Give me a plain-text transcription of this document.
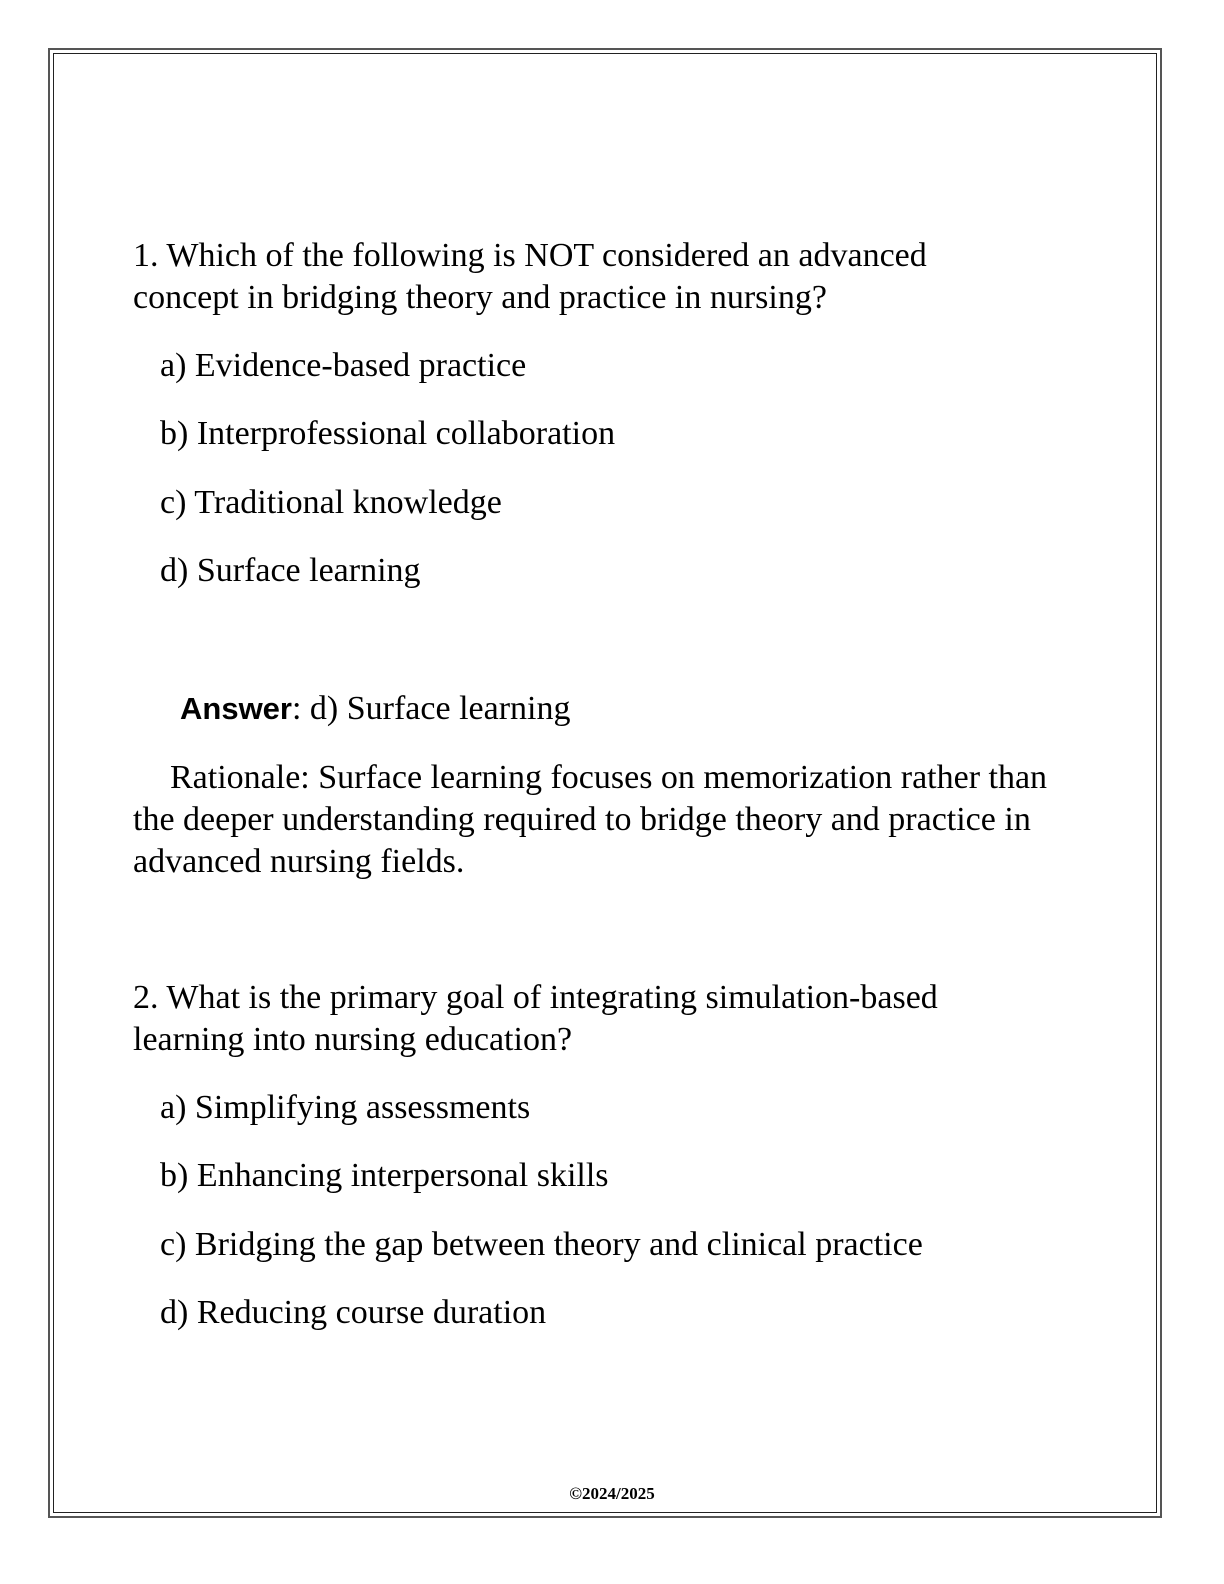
1. Which of the following is NOT considered an advanced
concept in bridging theory and practice in nursing?
a) Evidence-based practice
b) Interprofessional collaboration
c) Traditional knowledge
d) Surface learning
Answer: d) Surface learning
Rationale: Surface learning focuses on memorization rather than the deeper understanding required to bridge theory and practice in advanced nursing fields.
2. What is the primary goal of integrating simulation-based
learning into nursing education?
a) Simplifying assessments
b) Enhancing interpersonal skills
c) Bridging the gap between theory and clinical practice
d) Reducing course duration
©2024/2025
